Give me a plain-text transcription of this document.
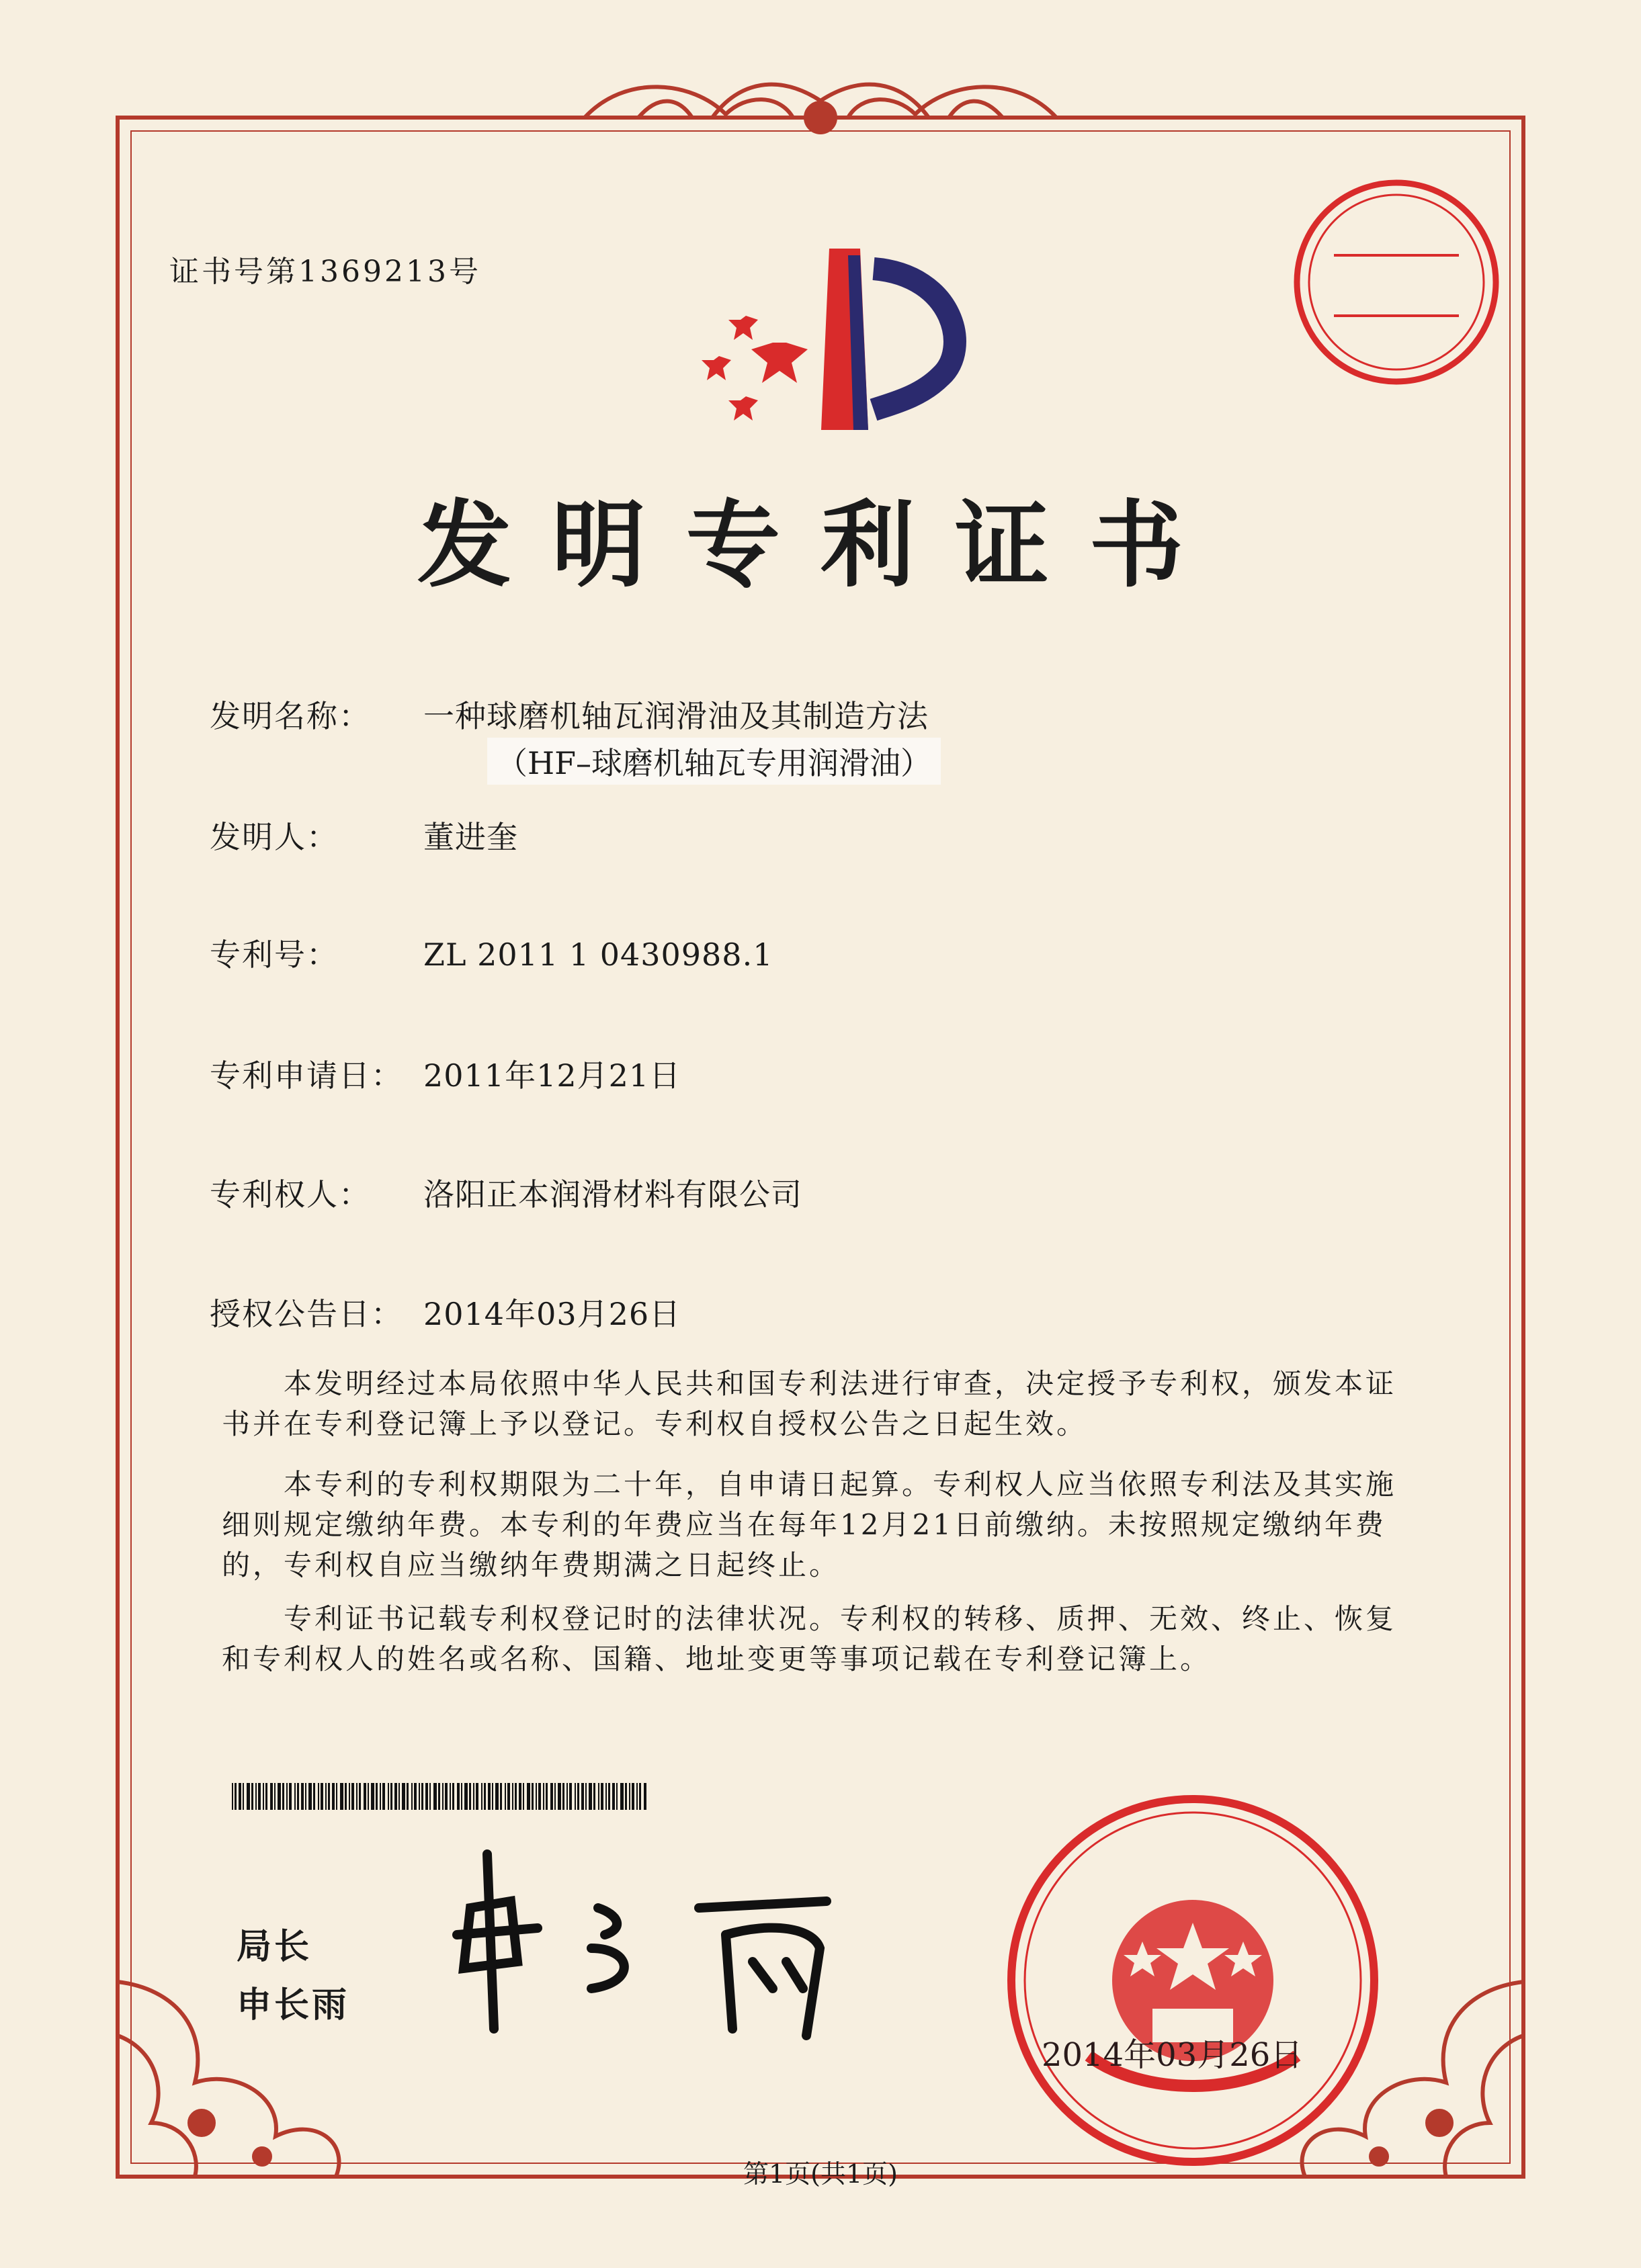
证书号第1369213号
发明专利证书
发明名称： 一种球磨机轴瓦润滑油及其制造方法
（HF–球磨机轴瓦专用润滑油）
发明人：	董进奎
专利号：	ZL 2011 1 0430988.1
专利申请日： 2011年12月21日
专利权人： 洛阳正本润滑材料有限公司
授权公告日： 2014年03月26日
本发明经过本局依照中华人民共和国专利法进行审查，决定授予专利权，颁发本证书并在专利登记簿上予以登记。专利权自授权公告之日起生效。
本专利的专利权期限为二十年，自申请日起算。专利权人应当依照专利法及其实施细则规定缴纳年费。本专利的年费应当在每年12月21日前缴纳。未按照规定缴纳年费的，专利权自应当缴纳年费期满之日起终止。
专利证书记载专利权登记时的法律状况。专利权的转移、质押、无效、终止、恢复和专利权人的姓名或名称、国籍、地址变更等事项记载在专利登记簿上。
局长
申长雨
2014年03月26日
第1页(共1页)
